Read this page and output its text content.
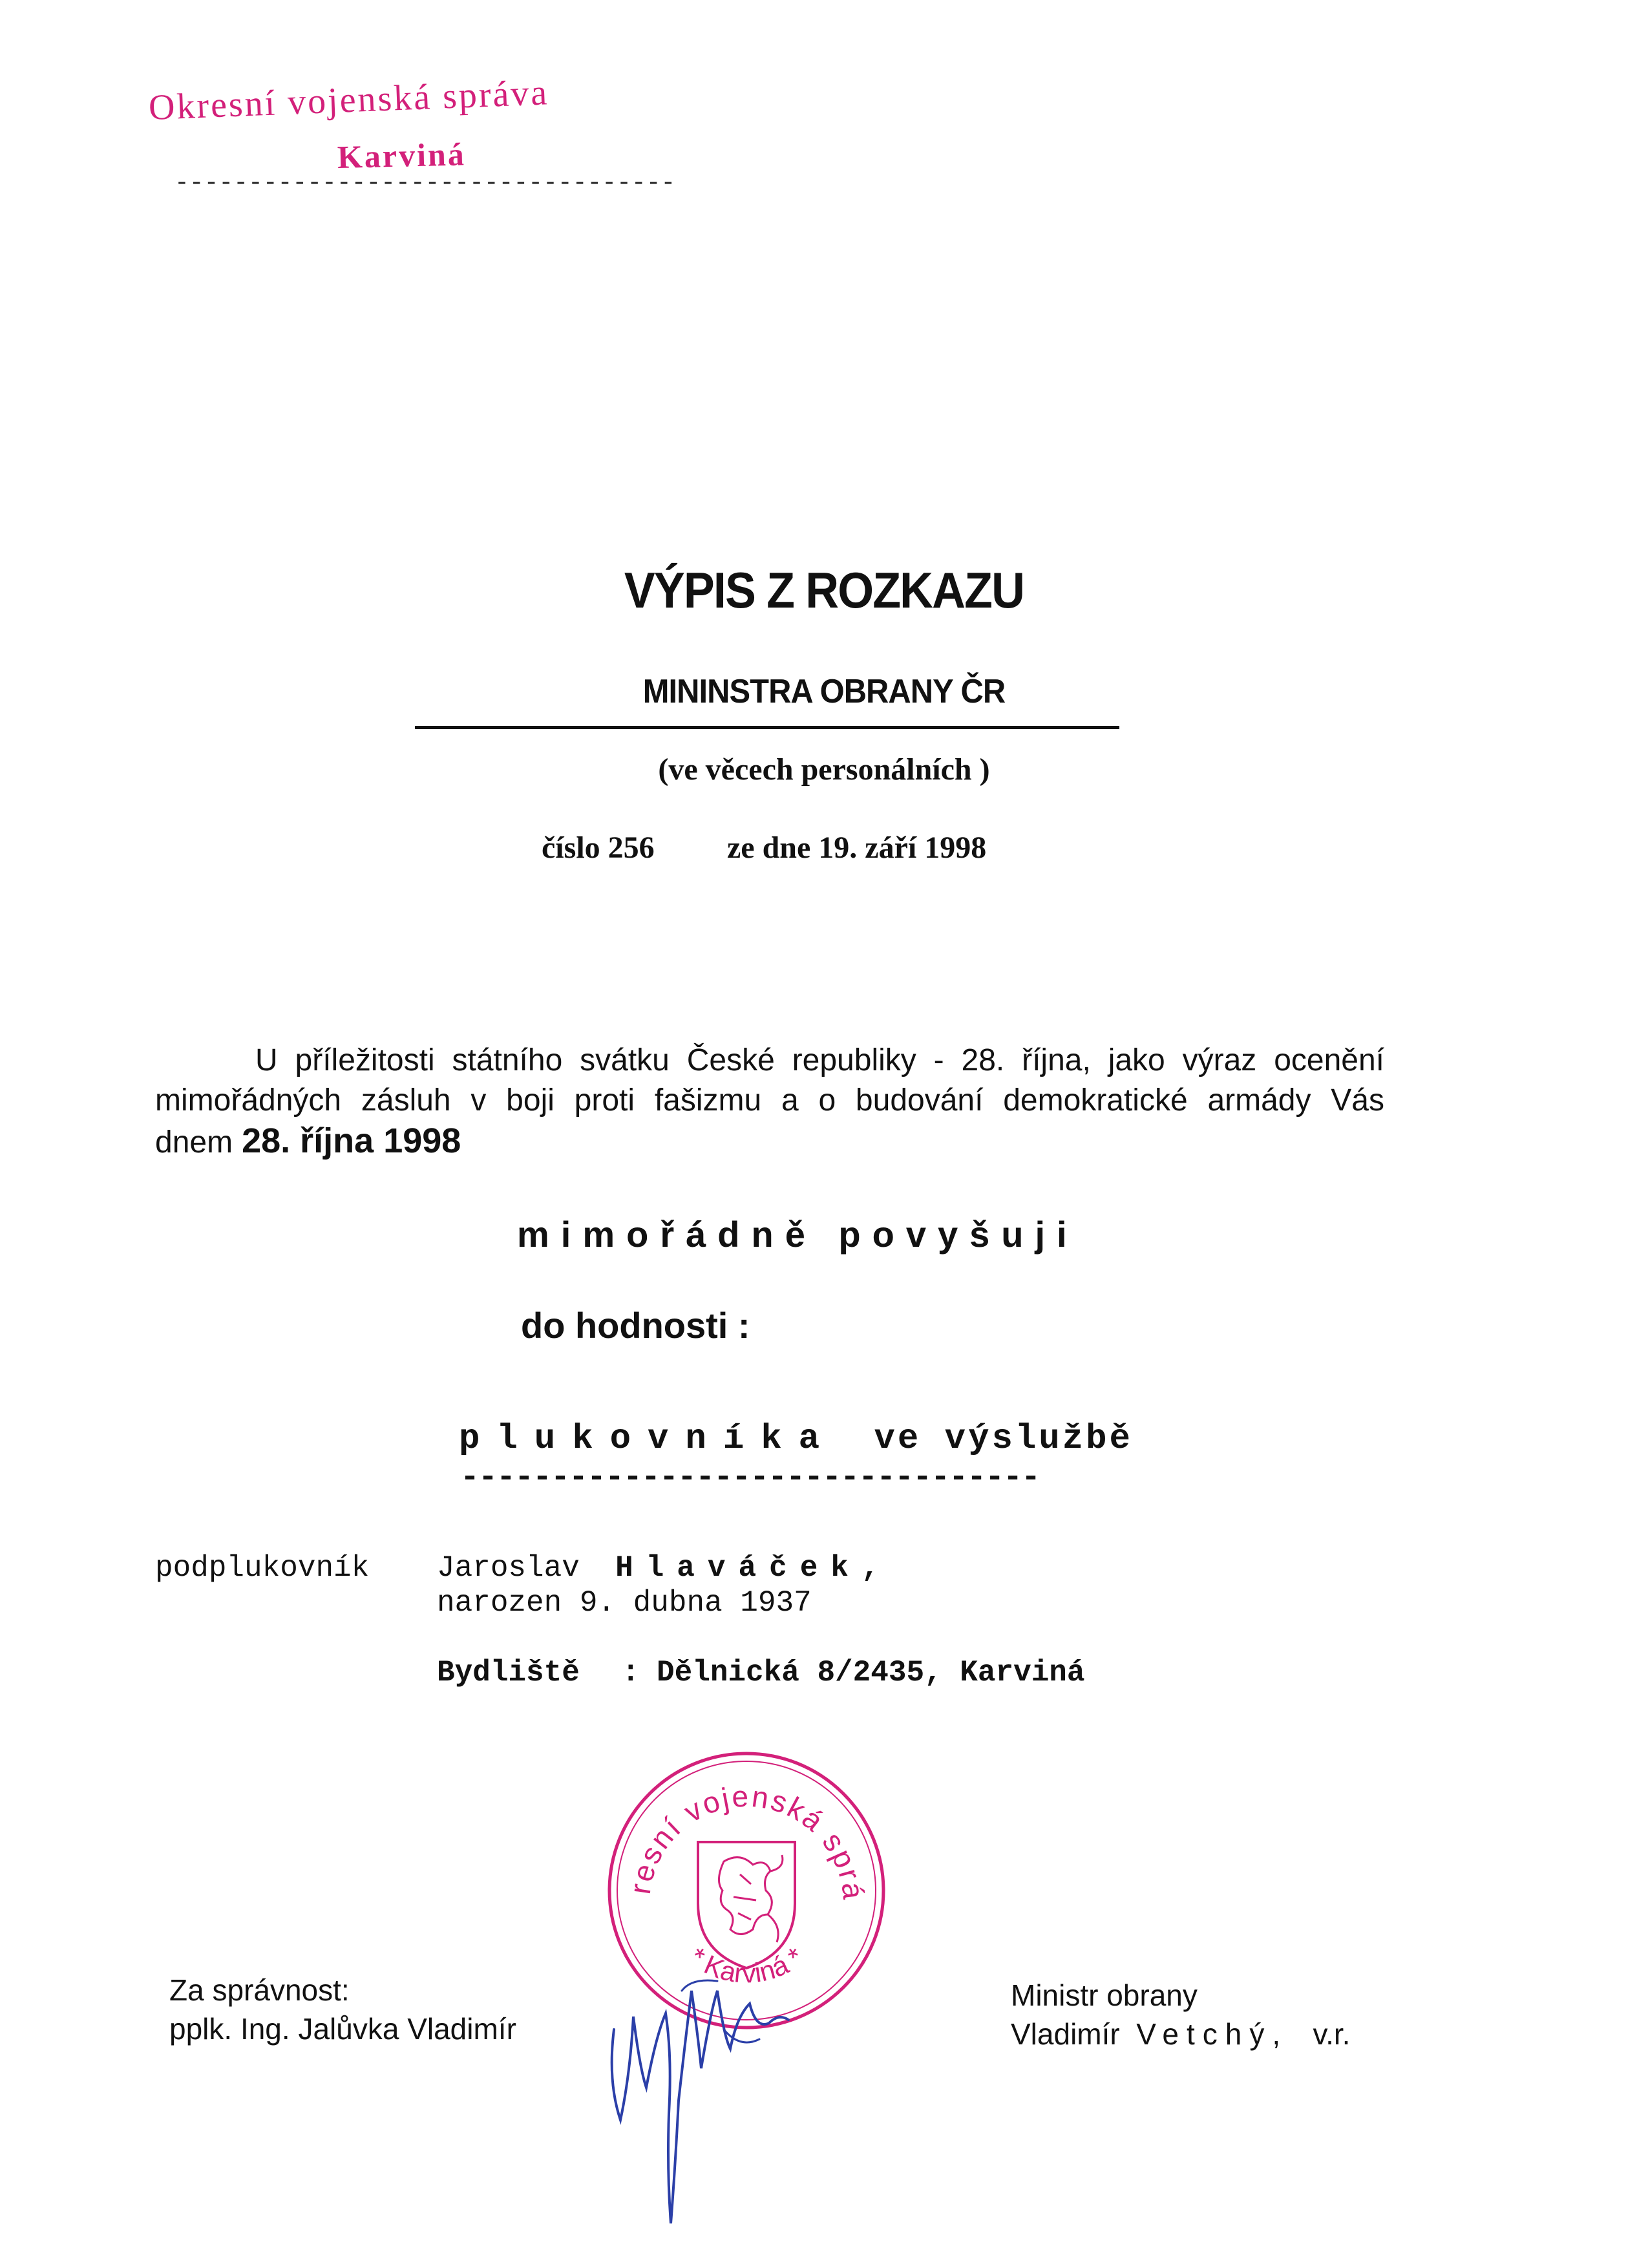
Okresní vojenská správa
Karviná
----------------------------------
VÝPIS Z ROZKAZU
MININSTRA OBRANY ČR
(ve věcech personálních )
číslo 256 ze dne 19. září 1998
U příležitosti státního svátku České republiky - 28. října, jako výraz ocenění
mimořádných zásluh v boji proti fašizmu a o budování demokratické armády Vás
dnem 28. října 1998
mimořádně povyšuji
do hodnosti :
plukovníka ve výslužbě
--------------------------------
podplukovník Jaroslav Hlaváček,
narozen 9. dubna 1937
Bydliště : Dělnická 8/2435, Karviná
resní vojenská sprá
* Karviná *
Za správnost:
pplk. Ing. Jalůvka Vladimír
Ministr obrany
Vladimír Vetchý, v.r.
